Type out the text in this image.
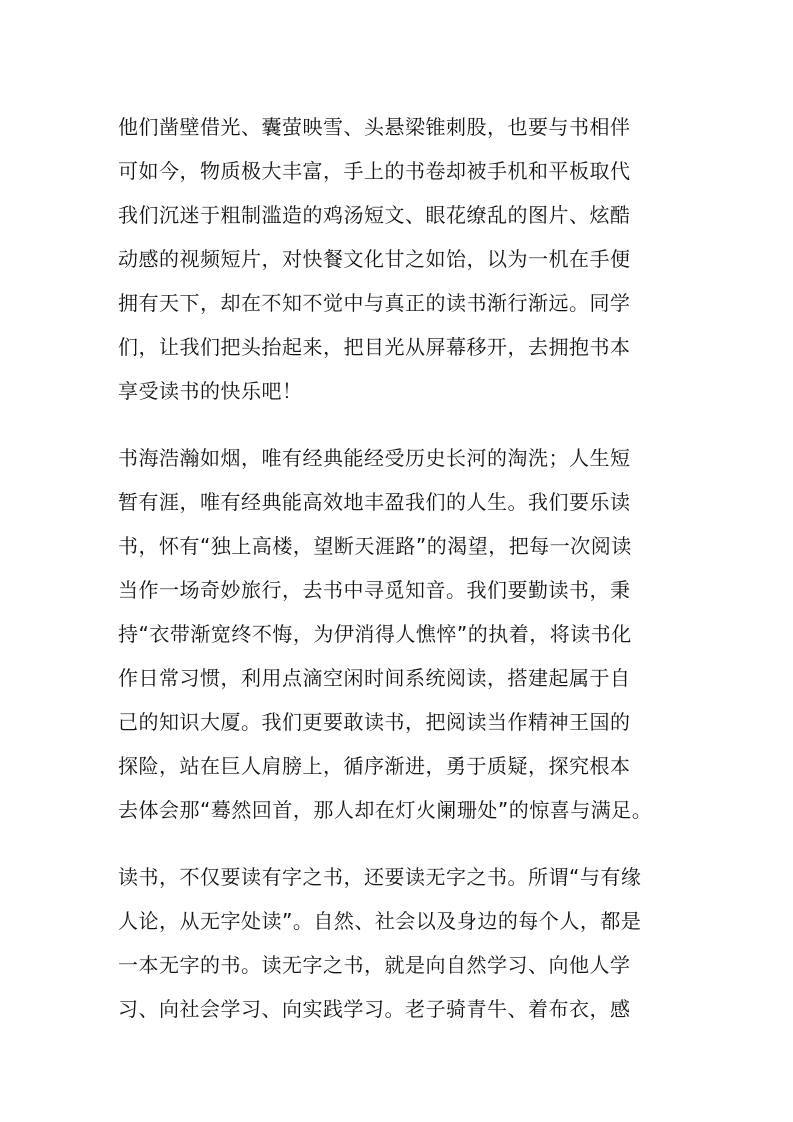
他们凿壁借光、囊萤映雪、头悬梁锥刺股，也要与书相伴
可如今，物质极大丰富，手上的书卷却被手机和平板取代
我们沉迷于粗制滥造的鸡汤短文、眼花缭乱的图片、炫酷
动感的视频短片，对快餐文化甘之如饴，以为一机在手便
拥有天下，却在不知不觉中与真正的读书渐行渐远。同学
们，让我们把头抬起来，把目光从屏幕移开，去拥抱书本
享受读书的快乐吧！
书海浩瀚如烟，唯有经典能经受历史长河的淘洗；人生短
暂有涯，唯有经典能高效地丰盈我们的人生。我们要乐读
书，怀有“独上高楼，望断天涯路”的渴望，把每一次阅读
当作一场奇妙旅行，去书中寻觅知音。我们要勤读书，秉
持“衣带渐宽终不悔，为伊消得人憔悴”的执着，将读书化
作日常习惯，利用点滴空闲时间系统阅读，搭建起属于自
己的知识大厦。我们更要敢读书，把阅读当作精神王国的
探险，站在巨人肩膀上，循序渐进，勇于质疑，探究根本
去体会那“蓦然回首，那人却在灯火阑珊处”的惊喜与满足。
读书，不仅要读有字之书，还要读无字之书。所谓“与有缘
人论，从无字处读”。自然、社会以及身边的每个人，都是
一本无字的书。读无字之书，就是向自然学习、向他人学
习、向社会学习、向实践学习。老子骑青牛、着布衣，感
